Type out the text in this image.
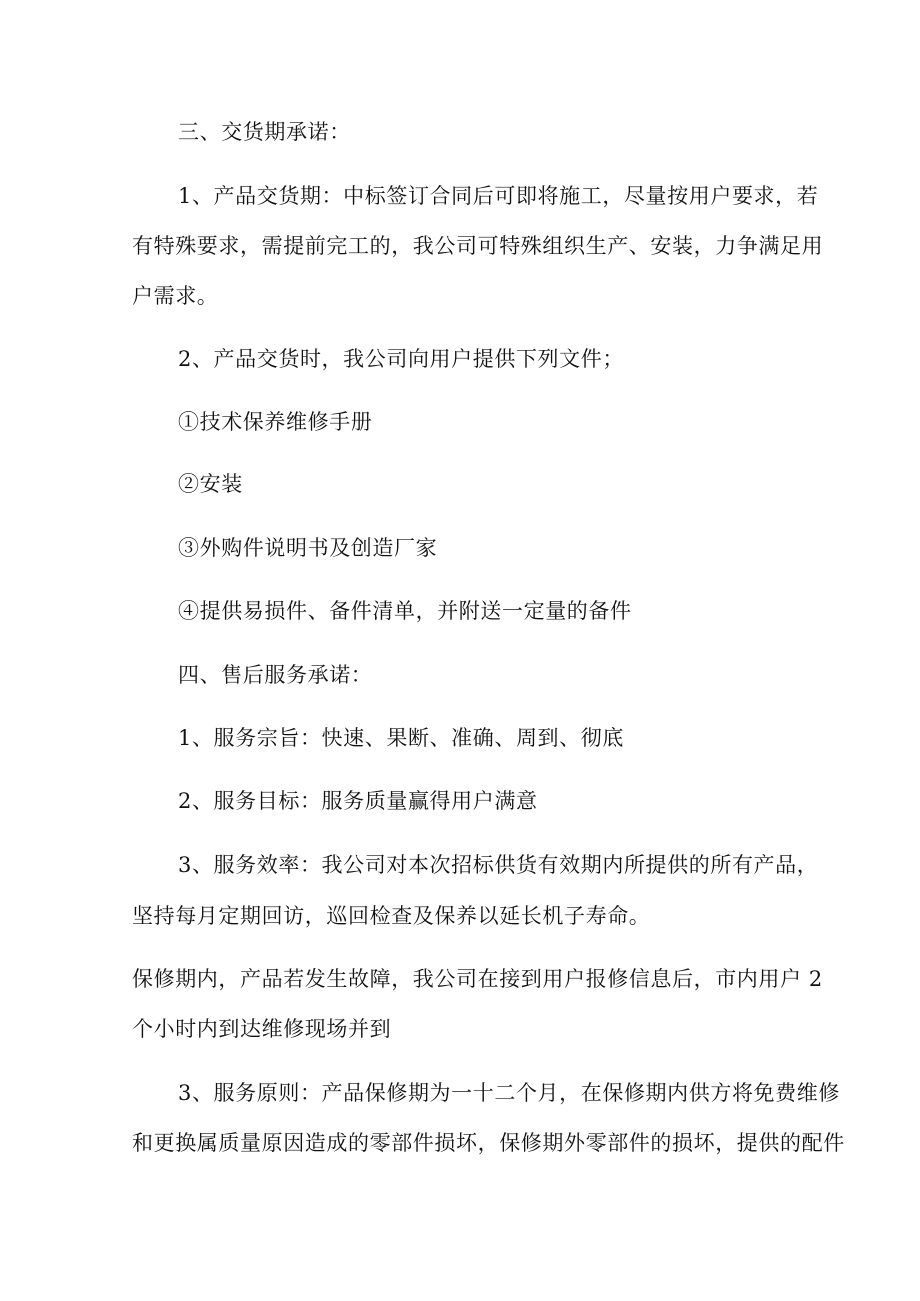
三、交货期承诺：
1、产品交货期：中标签订合同后可即将施工，尽量按用户要求，若
有特殊要求，需提前完工的，我公司可特殊组织生产、安装，力争满足用
户需求。
2、产品交货时，我公司向用户提供下列文件；
①技术保养维修手册
②安装
③外购件说明书及创造厂家
④提供易损件、备件清单，并附送一定量的备件
四、售后服务承诺：
1、服务宗旨：快速、果断、准确、周到、彻底
2、服务目标：服务质量赢得用户满意
3、服务效率：我公司对本次招标供货有效期内所提供的所有产品，
坚持每月定期回访，巡回检查及保养以延长机子寿命。
保修期内，产品若发生故障，我公司在接到用户报修信息后，市内用户 2
个小时内到达维修现场并到
3、服务原则：产品保修期为一十二个月，在保修期内供方将免费维修
和更换属质量原因造成的零部件损坏，保修期外零部件的损坏，提供的配件
